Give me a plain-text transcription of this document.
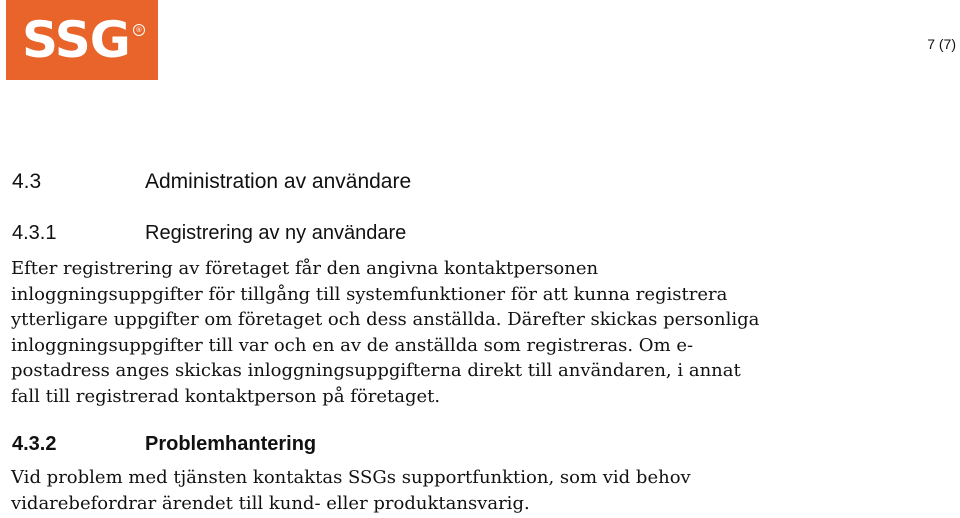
SSG ®
7 (7)
4.3	Administration av användare
4.3.1	Registrering av ny användare

Efter registrering av företaget får den angivna kontaktpersonen
inloggningsuppgifter för tillgång till systemfunktioner för att kunna registrera
ytterligare uppgifter om företaget och dess anställda. Därefter skickas personliga
inloggningsuppgifter till var och en av de anställda som registreras. Om e-
postadress anges skickas inloggningsuppgifterna direkt till användaren, i annat
fall till registrerad kontaktperson på företaget.

4.3.2	Problemhantering

Vid problem med tjänsten kontaktas SSGs supportfunktion, som vid behov
vidarebefordrar ärendet till kund- eller produktansvarig.
